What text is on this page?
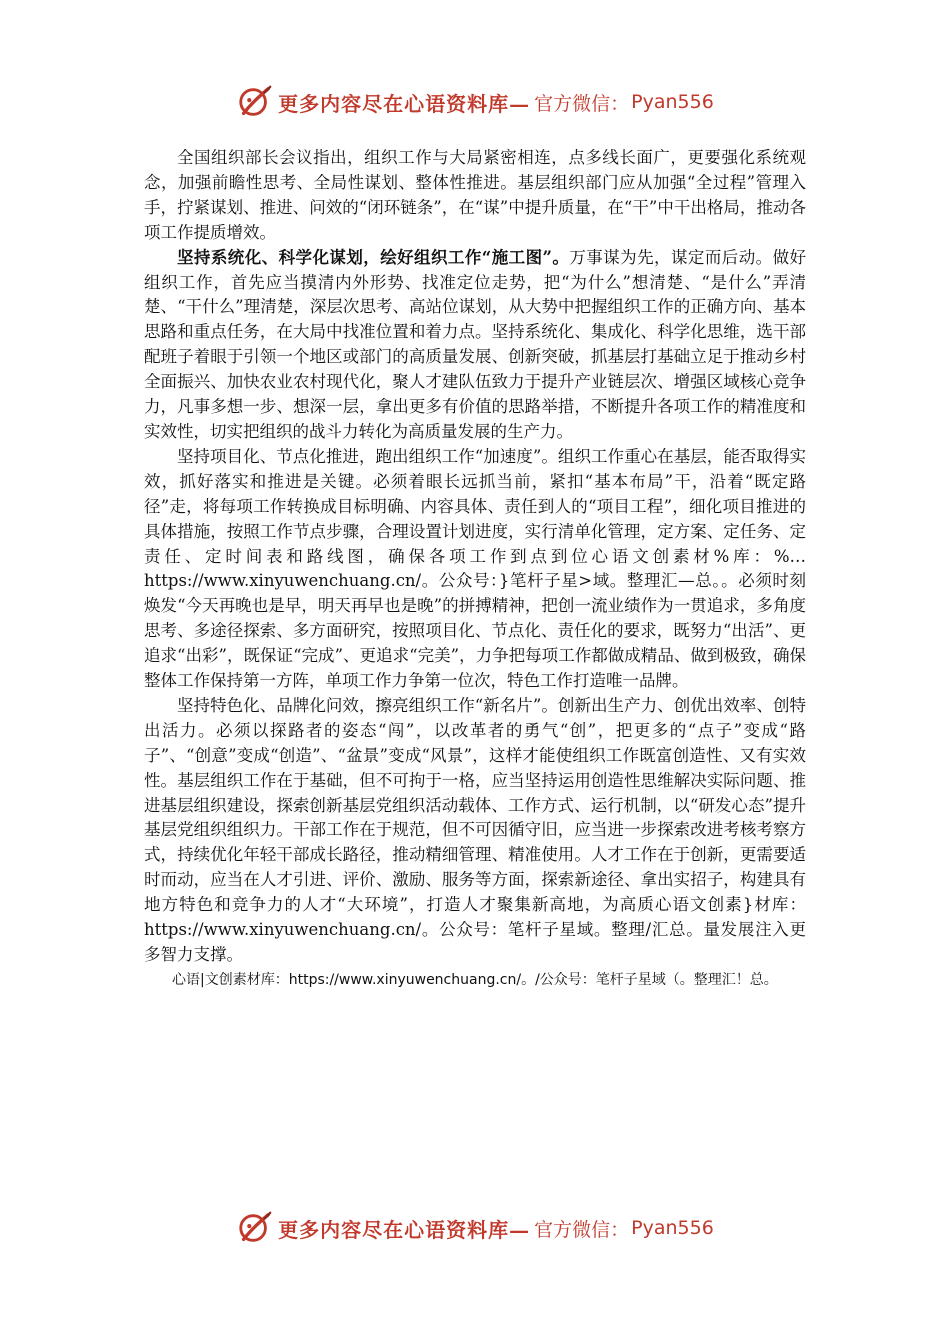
更多内容尽在心语资料库— 官方微信： Pyan556

全国组织部长会议指出，组织工作与大局紧密相连，点多线长面广，更要强化系统观念，加强前瞻性思考、全局性谋划、整体性推进。基层组织部门应从加强“全过程”管理入手，拧紧谋划、推进、问效的“闭环链条”，在“谋”中提升质量，在“干”中干出格局，推动各项工作提质增效。

坚持系统化、科学化谋划，绘好组织工作“施工图”。万事谋为先，谋定而后动。做好组织工作，首先应当摸清内外形势、找准定位走势，把“为什么”想清楚、“是什么”弄清楚、“干什么”理清楚，深层次思考、高站位谋划，从大势中把握组织工作的正确方向、基本思路和重点任务，在大局中找准位置和着力点。坚持系统化、集成化、科学化思维，选干部配班子着眼于引领一个地区或部门的高质量发展、创新突破，抓基层打基础立足于推动乡村全面振兴、加快农业农村现代化，聚人才建队伍致力于提升产业链层次、增强区域核心竞争力，凡事多想一步、想深一层，拿出更多有价值的思路举措，不断提升各项工作的精准度和实效性，切实把组织的战斗力转化为高质量发展的生产力。

坚持项目化、节点化推进，跑出组织工作“加速度”。组织工作重心在基层，能否取得实效，抓好落实和推进是关键。必须着眼长远抓当前，紧扣“基本布局”干，沿着“既定路径”走，将每项工作转换成目标明确、内容具体、责任到人的“项目工程”，细化项目推进的具体措施，按照工作节点步骤，合理设置计划进度，实行清单化管理，定方案、定任务、定责任、定时间表和路线图，确保各项工作到点到位心语文创素材%库：%…https://www.xinyuwenchuang.cn/。公众号：}笔杆子星>域。整理汇—总。。必须时刻焕发“今天再晚也是早，明天再早也是晚”的拼搏精神，把创一流业绩作为一贯追求，多角度思考、多途径探索、多方面研究，按照项目化、节点化、责任化的要求，既努力“出活”、更追求“出彩”，既保证“完成”、更追求“完美”，力争把每项工作都做成精品、做到极致，确保整体工作保持第一方阵，单项工作力争第一位次，特色工作打造唯一品牌。

坚持特色化、品牌化问效，擦亮组织工作“新名片”。创新出生产力、创优出效率、创特出活力。必须以探路者的姿态“闯”，以改革者的勇气“创”，把更多的“点子”变成“路子”、“创意”变成“创造”、“盆景”变成“风景”，这样才能使组织工作既富创造性、又有实效性。基层组织工作在于基础，但不可拘于一格，应当坚持运用创造性思维解决实际问题、推进基层组织建设，探索创新基层党组织活动载体、工作方式、运行机制，以“研发心态”提升基层党组织组织力。干部工作在于规范，但不可因循守旧，应当进一步探索改进考核考察方式，持续优化年轻干部成长路径，推动精细管理、精准使用。人才工作在于创新，更需要适时而动，应当在人才引进、评价、激励、服务等方面，探索新途径、拿出实招子，构建具有地方特色和竞争力的人才“大环境”，打造人才聚集新高地，为高质心语文创素}材库：https://www.xinyuwenchuang.cn/。公众号：笔杆子星域。整理/汇总。量发展注入更多智力支撑。

心语|文创素材库：https://www.xinyuwenchuang.cn/。/公众号：笔杆子星域（。整理汇！总。

更多内容尽在心语资料库— 官方微信： Pyan556
